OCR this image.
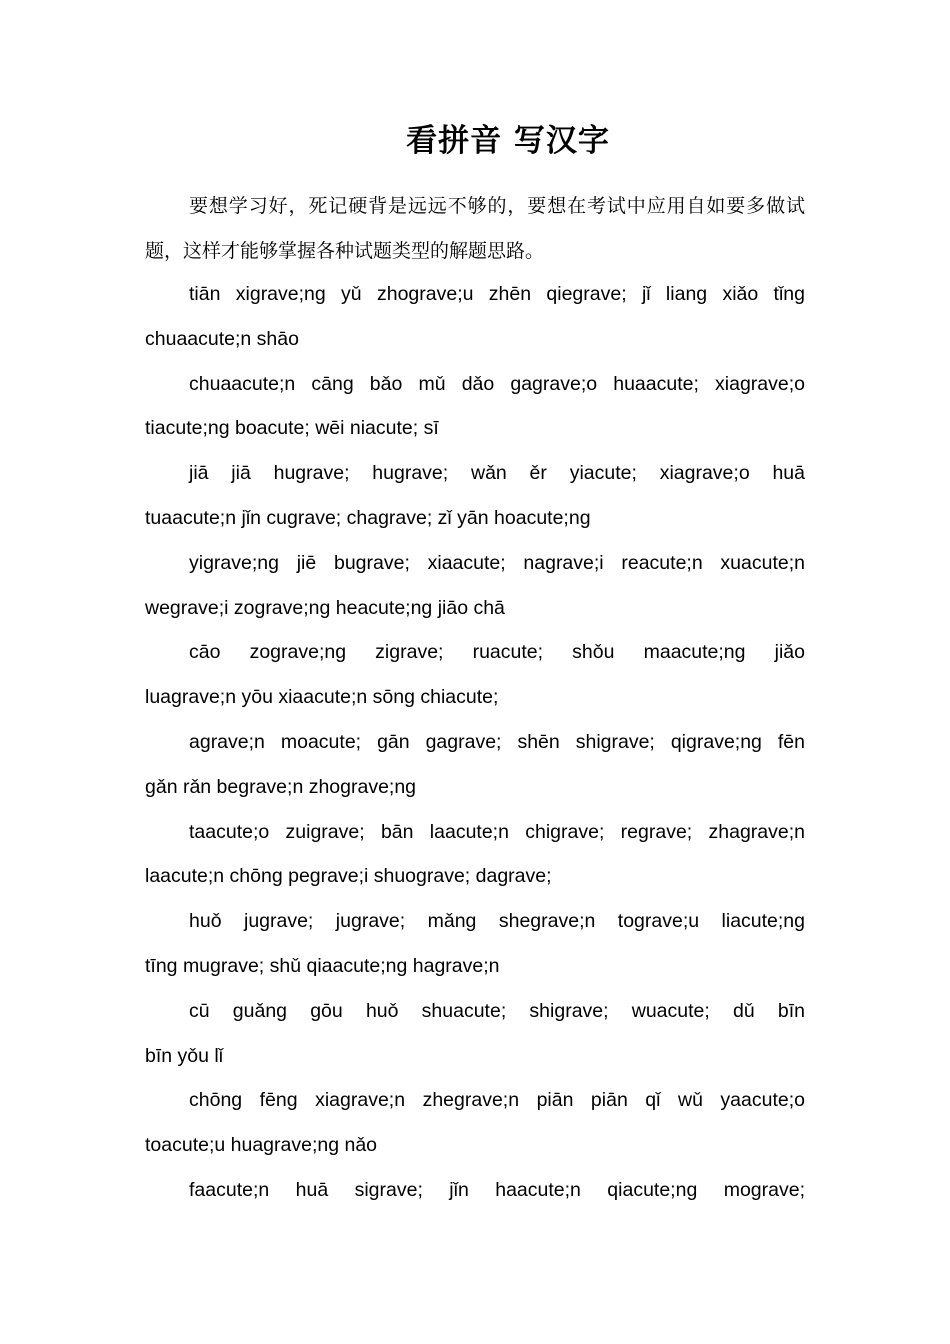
看拼音 写汉字

要想学习好，死记硬背是远远不够的，要想在考试中应用自如要多做试题，这样才能够掌握各种试题类型的解题思路。

tiān xigrave;ng yǔ zhograve;u zhēn qiegrave; jǐ liang xiǎo tǐng
chuaacute;n shāo

chuaacute;n cāng bǎo mǔ dǎo gagrave;o huaacute; xiagrave;o
tiacute;ng boacute; wēi niacute; sī

jiā jiā hugrave; hugrave; wǎn ěr yiacute; xiagrave;o huā
tuaacute;n jǐn cugrave; chagrave; zǐ yān hoacute;ng

yigrave;ng jiē bugrave; xiaacute; nagrave;i reacute;n xuacute;n
wegrave;i zograve;ng heacute;ng jiāo chā

cāo zograve;ng zigrave; ruacute; shǒu maacute;ng jiǎo
luagrave;n yōu xiaacute;n sōng chiacute;

agrave;n moacute; gān gagrave; shēn shigrave; qigrave;ng fēn
gǎn rǎn begrave;n zhograve;ng

taacute;o zuigrave; bān laacute;n chigrave; regrave; zhagrave;n
laacute;n chōng pegrave;i shuograve; dagrave;

huǒ jugrave; jugrave; mǎng shegrave;n tograve;u liacute;ng
tīng mugrave; shǔ qiaacute;ng hagrave;n

cū guǎng gōu huǒ shuacute; shigrave; wuacute; dǔ bīn
bīn yǒu lǐ

chōng fēng xiagrave;n zhegrave;n piān piān qǐ wǔ yaacute;o
toacute;u huagrave;ng nǎo

faacute;n huā sigrave; jǐn haacute;n qiacute;ng mograve;
